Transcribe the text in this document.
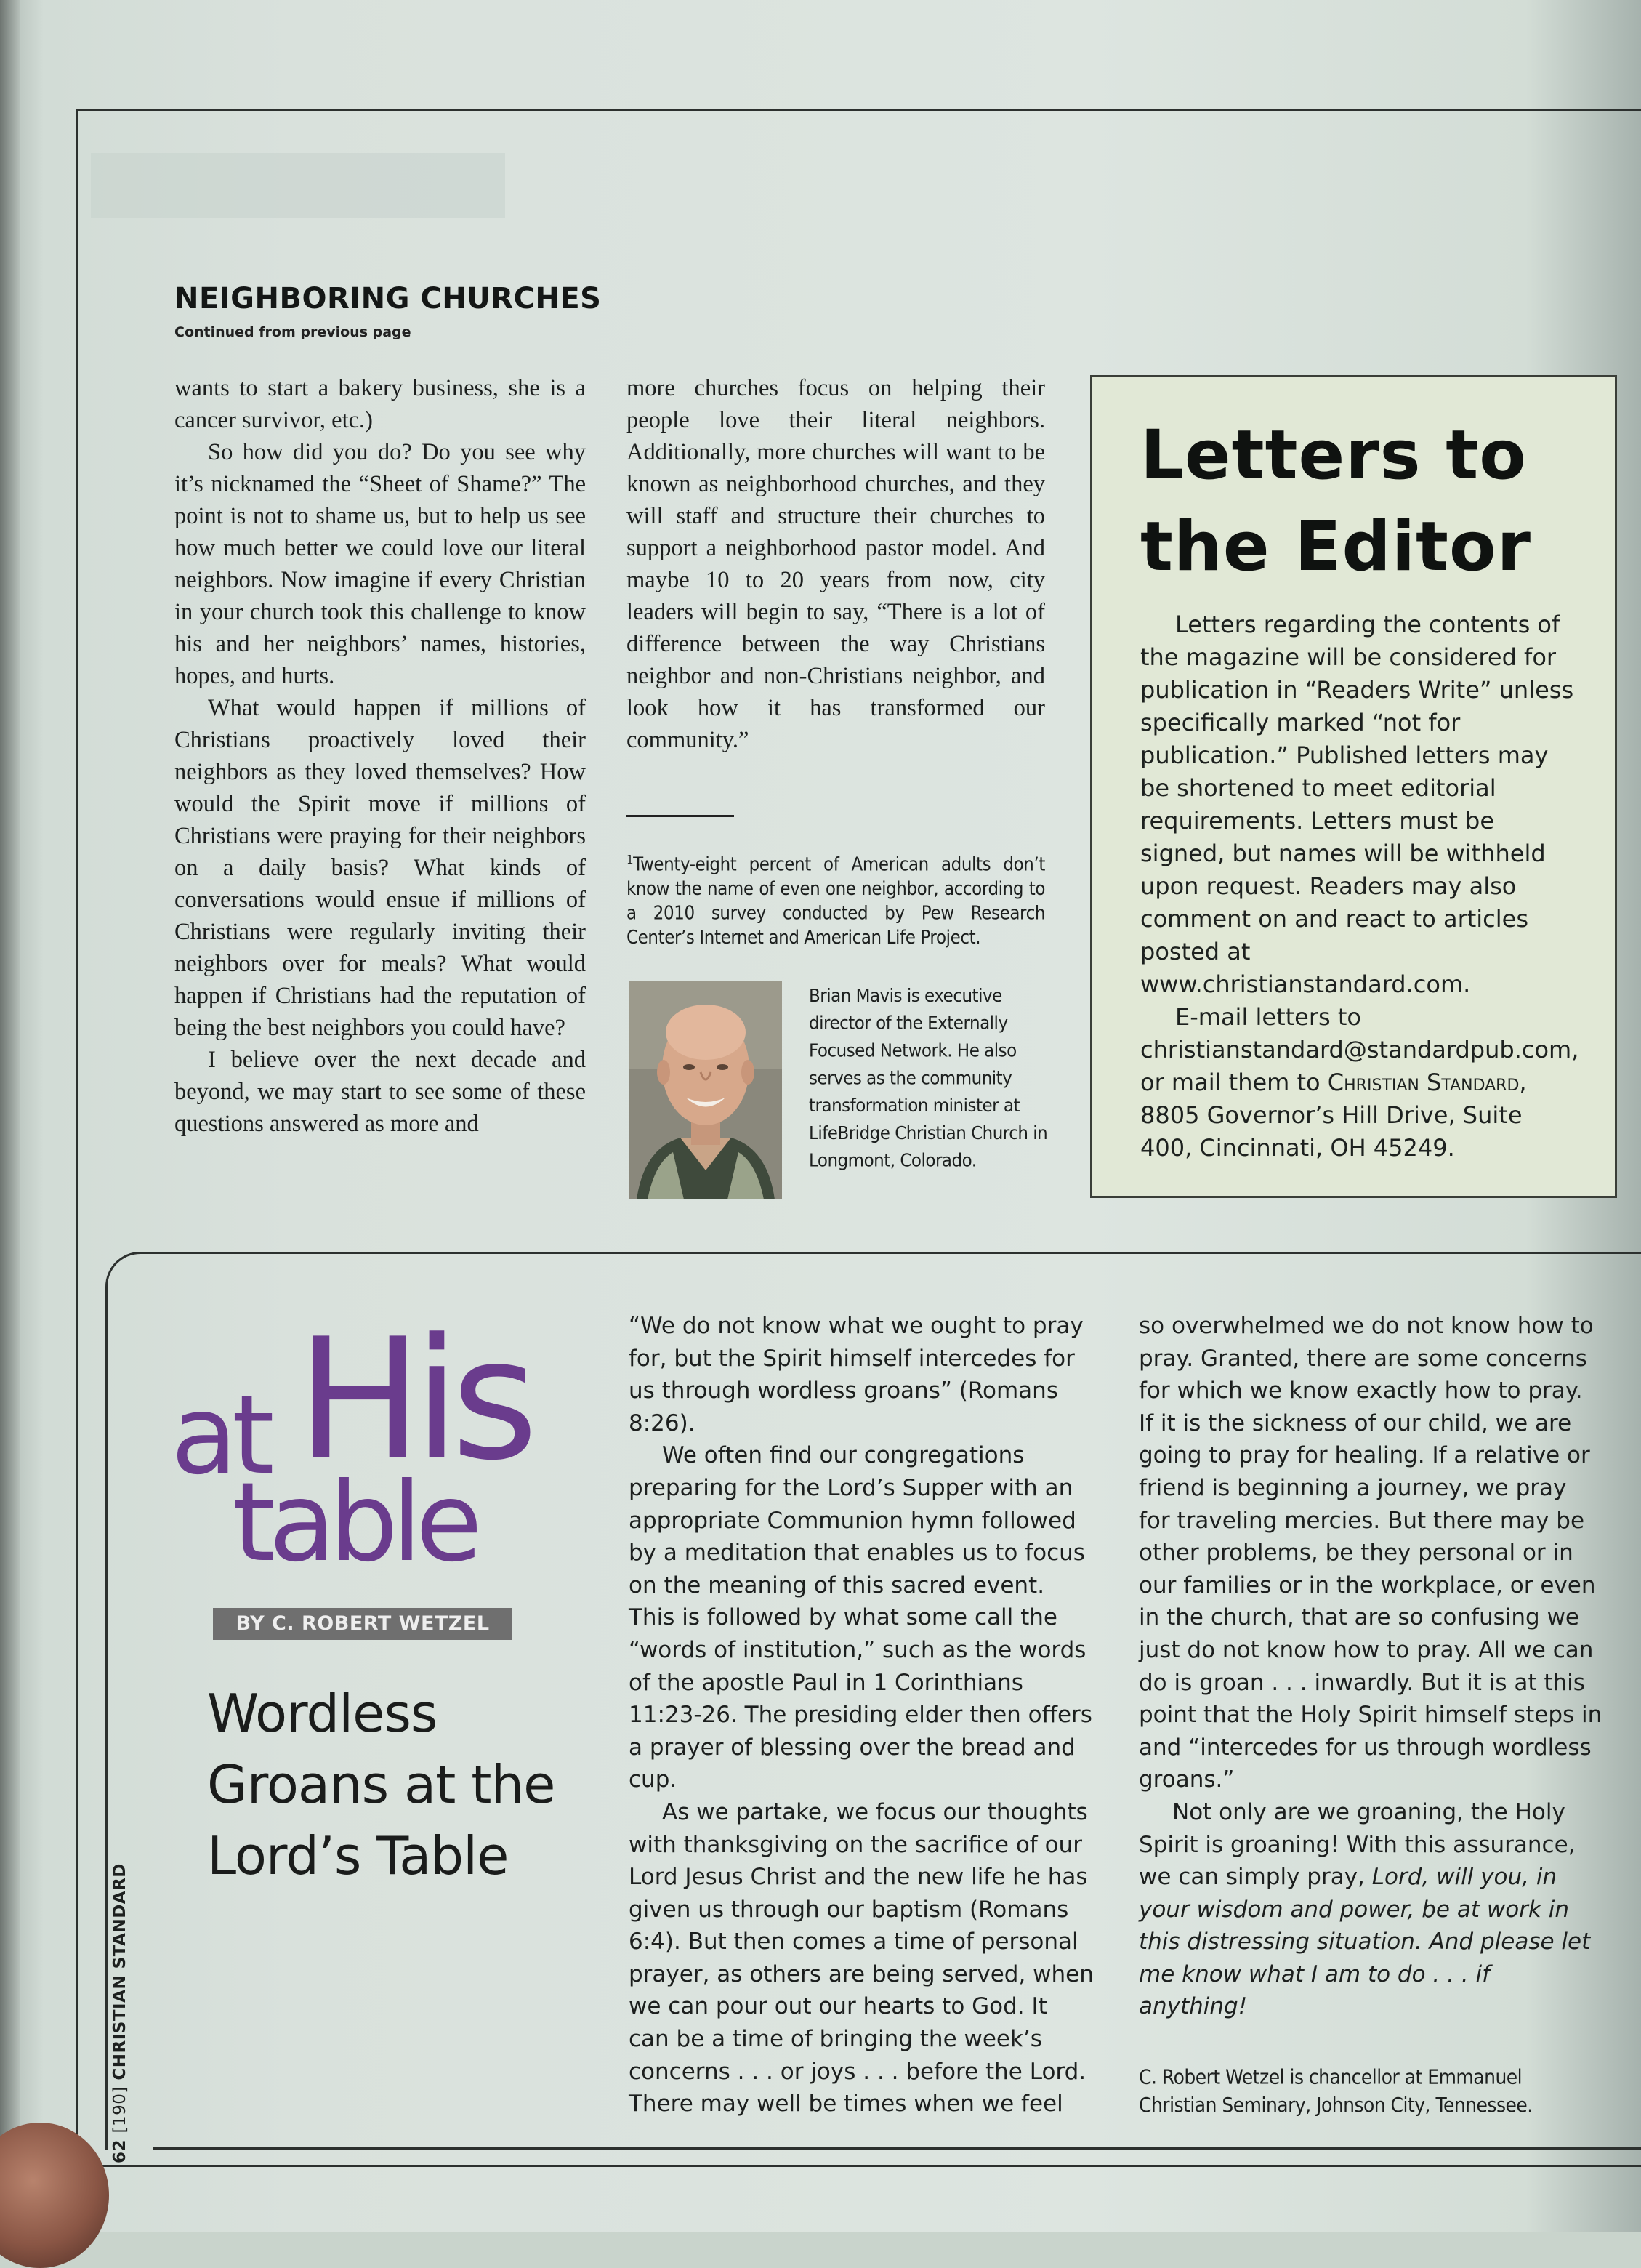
NEIGHBORING CHURCHES
Continued from previous page

wants to start a bakery business, she is a cancer survivor, etc.)

So how did you do? Do you see why it’s nicknamed the “Sheet of Shame?” The point is not to shame us, but to help us see how much better we could love our literal neighbors. Now imagine if every Christian in your church took this challenge to know his and her neighbors’ names, histories, hopes, and hurts.

What would happen if millions of Christians proactively loved their neighbors as they loved themselves? How would the Spirit move if millions of Christians were praying for their neighbors on a daily basis? What kinds of conversations would ensue if millions of Christians were regularly inviting their neighbors over for meals? What would happen if Christians had the reputation of being the best neighbors you could have?

I believe over the next decade and beyond, we may start to see some of these questions answered as more and

more churches focus on helping their people love their literal neighbors. Additionally, more churches will want to be known as neighborhood churches, and they will staff and structure their churches to support a neighborhood pastor model. And maybe 10 to 20 years from now, city leaders will begin to say, “There is a lot of difference between the way Christians neighbor and non-Christians neighbor, and look how it has transformed our community.”

$^1$Twenty-eight percent of American adults don’t know the name of even one neighbor, according to a 2010 survey conducted by Pew Research Center’s Internet and American Life Project.
Brian Mavis is executive director of the Externally Focused Network. He also serves as the community transformation minister at LifeBridge Christian Church in Longmont, Colorado.
Letters to
the Editor

Letters regarding the contents of the magazine will be considered for publication in “Readers Write” unless specifically marked “not for publication.” Published letters may be shortened to meet editorial requirements. Letters must be signed, but names will be withheld upon request. Readers may also comment on and react to articles posted at www.christianstandard.com.

E-mail letters to christianstandard@standardpub.com, or mail them to Christian Standard, 8805 Governor’s Hill Drive, Suite 400, Cincinnati, OH 45249.

His
at
table
BY C. ROBERT WETZEL
Wordless Groans at the Lord’s Table

“We do not know what we ought to pray for, but the Spirit himself intercedes for us through wordless groans” (Romans 8:26).

We often find our congregations preparing for the Lord’s Supper with an appropriate Communion hymn followed by a meditation that enables us to focus on the meaning of this sacred event. This is followed by what some call the “words of institution,” such as the words of the apostle Paul in 1 Corinthians 11:23-26. The presiding elder then offers a prayer of blessing over the bread and cup.

As we partake, we focus our thoughts with thanksgiving on the sacrifice of our Lord Jesus Christ and the new life he has given us through our baptism (Romans 6:4). But then comes a time of personal prayer, as others are being served, when we can pour out our hearts to God. It can be a time of bringing the week’s concerns . . . or joys . . . before the Lord. There may well be times when we feel

so overwhelmed we do not know how to pray. Granted, there are some concerns for which we know exactly how to pray. If it is the sickness of our child, we are going to pray for healing. If a relative or friend is beginning a journey, we pray for traveling mercies. But there may be other problems, be they personal or in our families or in the workplace, or even in the church, that are so confusing we just do not know how to pray. All we can do is groan . . . inwardly. But it is at this point that the Holy Spirit himself steps in and “intercedes for us through wordless groans.”

Not only are we groaning, the Holy Spirit is groaning! With this assurance, we can simply pray, Lord, will you, in your wisdom and power, be at work in this distressing situation. And please let me know what I am to do . . . if anything!

C. Robert Wetzel is chancellor at Emmanuel Christian Seminary, Johnson City, Tennessee.
62 [190] CHRISTIAN STANDARD
